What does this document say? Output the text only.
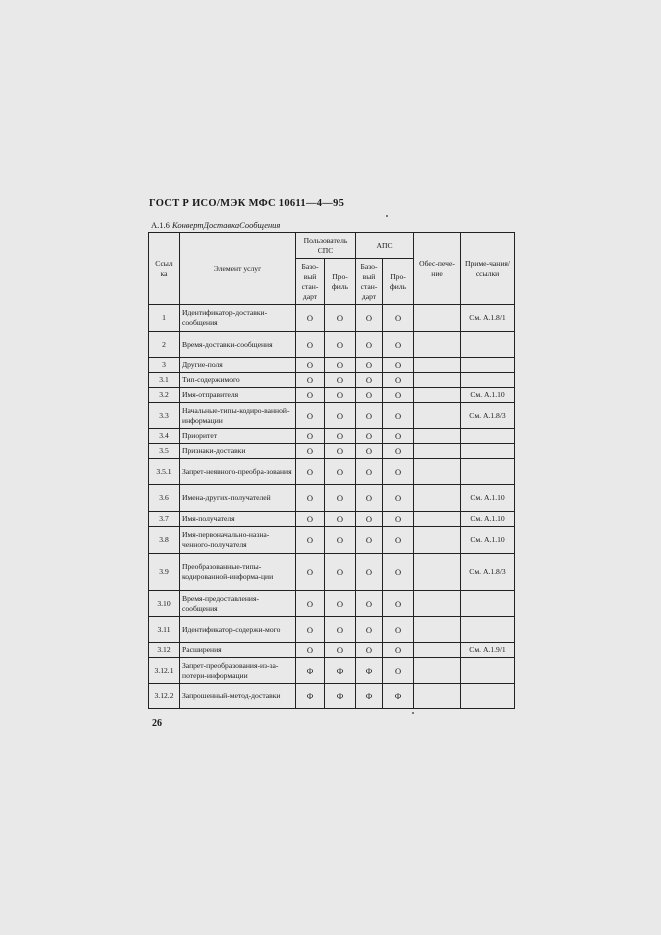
ГОСТ Р ИСО/МЭК МФС 10611—4—95
A.1.6 КонвертДоставкаСообщения
Ссыл ка	Элемент услуг	Пользователь СПС		АПС		Обес-пече-ние	Приме-чания/ ссылки
		Базо-вый стан-дарт	Про-филь	Базо-вый стан-дарт	Про-филь		
1	Идентификатор-доставки-сообщения	O	O	O	O		См. А.1.8/1
2	Время-доставки-сообщения	O	O	O	O		
3	Другие-поля	O	O	O	O		
3.1	Тип-содержимого	O	O	O	O		
3.2	Имя-отправителя	O	O	O	O		См. А.1.10
3.3	Начальные-типы-кодиро-ванной-информации	O	O	O	O		См. А.1.8/3
3.4	Приоритет	O	O	O	O		
3.5	Признаки-доставки	O	O	O	O		
3.5.1	Запрет-неявного-преобра-зования	O	O	O	O		
3.6	Имена-других-получателей	O	O	O	O		См. А.1.10
3.7	Имя-получателя	O	O	O	O		См. А.1.10
3.8	Имя-первоначально-назна-ченного-получателя	O	O	O	O		См. А.1.10
3.9	Преобразованные-типы-кодированной-информа-ции	O	O	O	O		См. А.1.8/3
3.10	Время-предоставления-сообщения	O	O	O	O		
3.11	Идентификатор-содержи-мого	O	O	O	O		
3.12	Расширения	O	O	O	O		См. А.1.9/1
3.12.1	Запрет-преобразования-из-за-потери-информации	Ф	Ф	Ф	O		
3.12.2	Запрошенный-метод-доставки	Ф	Ф	Ф	Ф		
26
